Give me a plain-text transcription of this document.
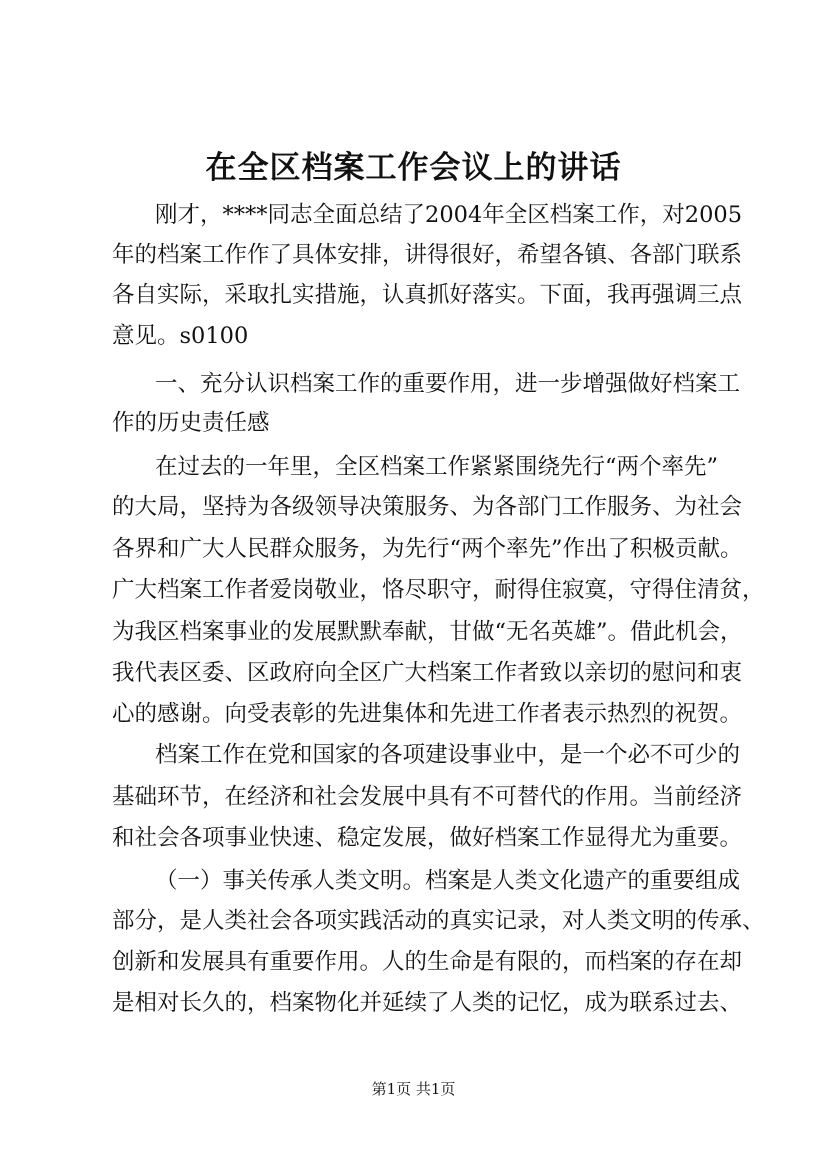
在全区档案工作会议上的讲话
刚才，****同志全面总结了2004年全区档案工作，对2005
年的档案工作作了具体安排，讲得很好，希望各镇、各部门联系
各自实际，采取扎实措施，认真抓好落实。下面，我再强调三点
意见。s0100
一、充分认识档案工作的重要作用，进一步增强做好档案工
作的历史责任感
在过去的一年里，全区档案工作紧紧围绕先行“两个率先”
的大局，坚持为各级领导决策服务、为各部门工作服务、为社会
各界和广大人民群众服务，为先行“两个率先”作出了积极贡献。
广大档案工作者爱岗敬业，恪尽职守，耐得住寂寞，守得住清贫，
为我区档案事业的发展默默奉献，甘做“无名英雄”。借此机会，
我代表区委、区政府向全区广大档案工作者致以亲切的慰问和衷
心的感谢。向受表彰的先进集体和先进工作者表示热烈的祝贺。
档案工作在党和国家的各项建设事业中，是一个必不可少的
基础环节，在经济和社会发展中具有不可替代的作用。当前经济
和社会各项事业快速、稳定发展，做好档案工作显得尤为重要。
（一）事关传承人类文明。档案是人类文化遗产的重要组成
部分，是人类社会各项实践活动的真实记录，对人类文明的传承、
创新和发展具有重要作用。人的生命是有限的，而档案的存在却
是相对长久的，档案物化并延续了人类的记忆，成为联系过去、
第1页 共1页
